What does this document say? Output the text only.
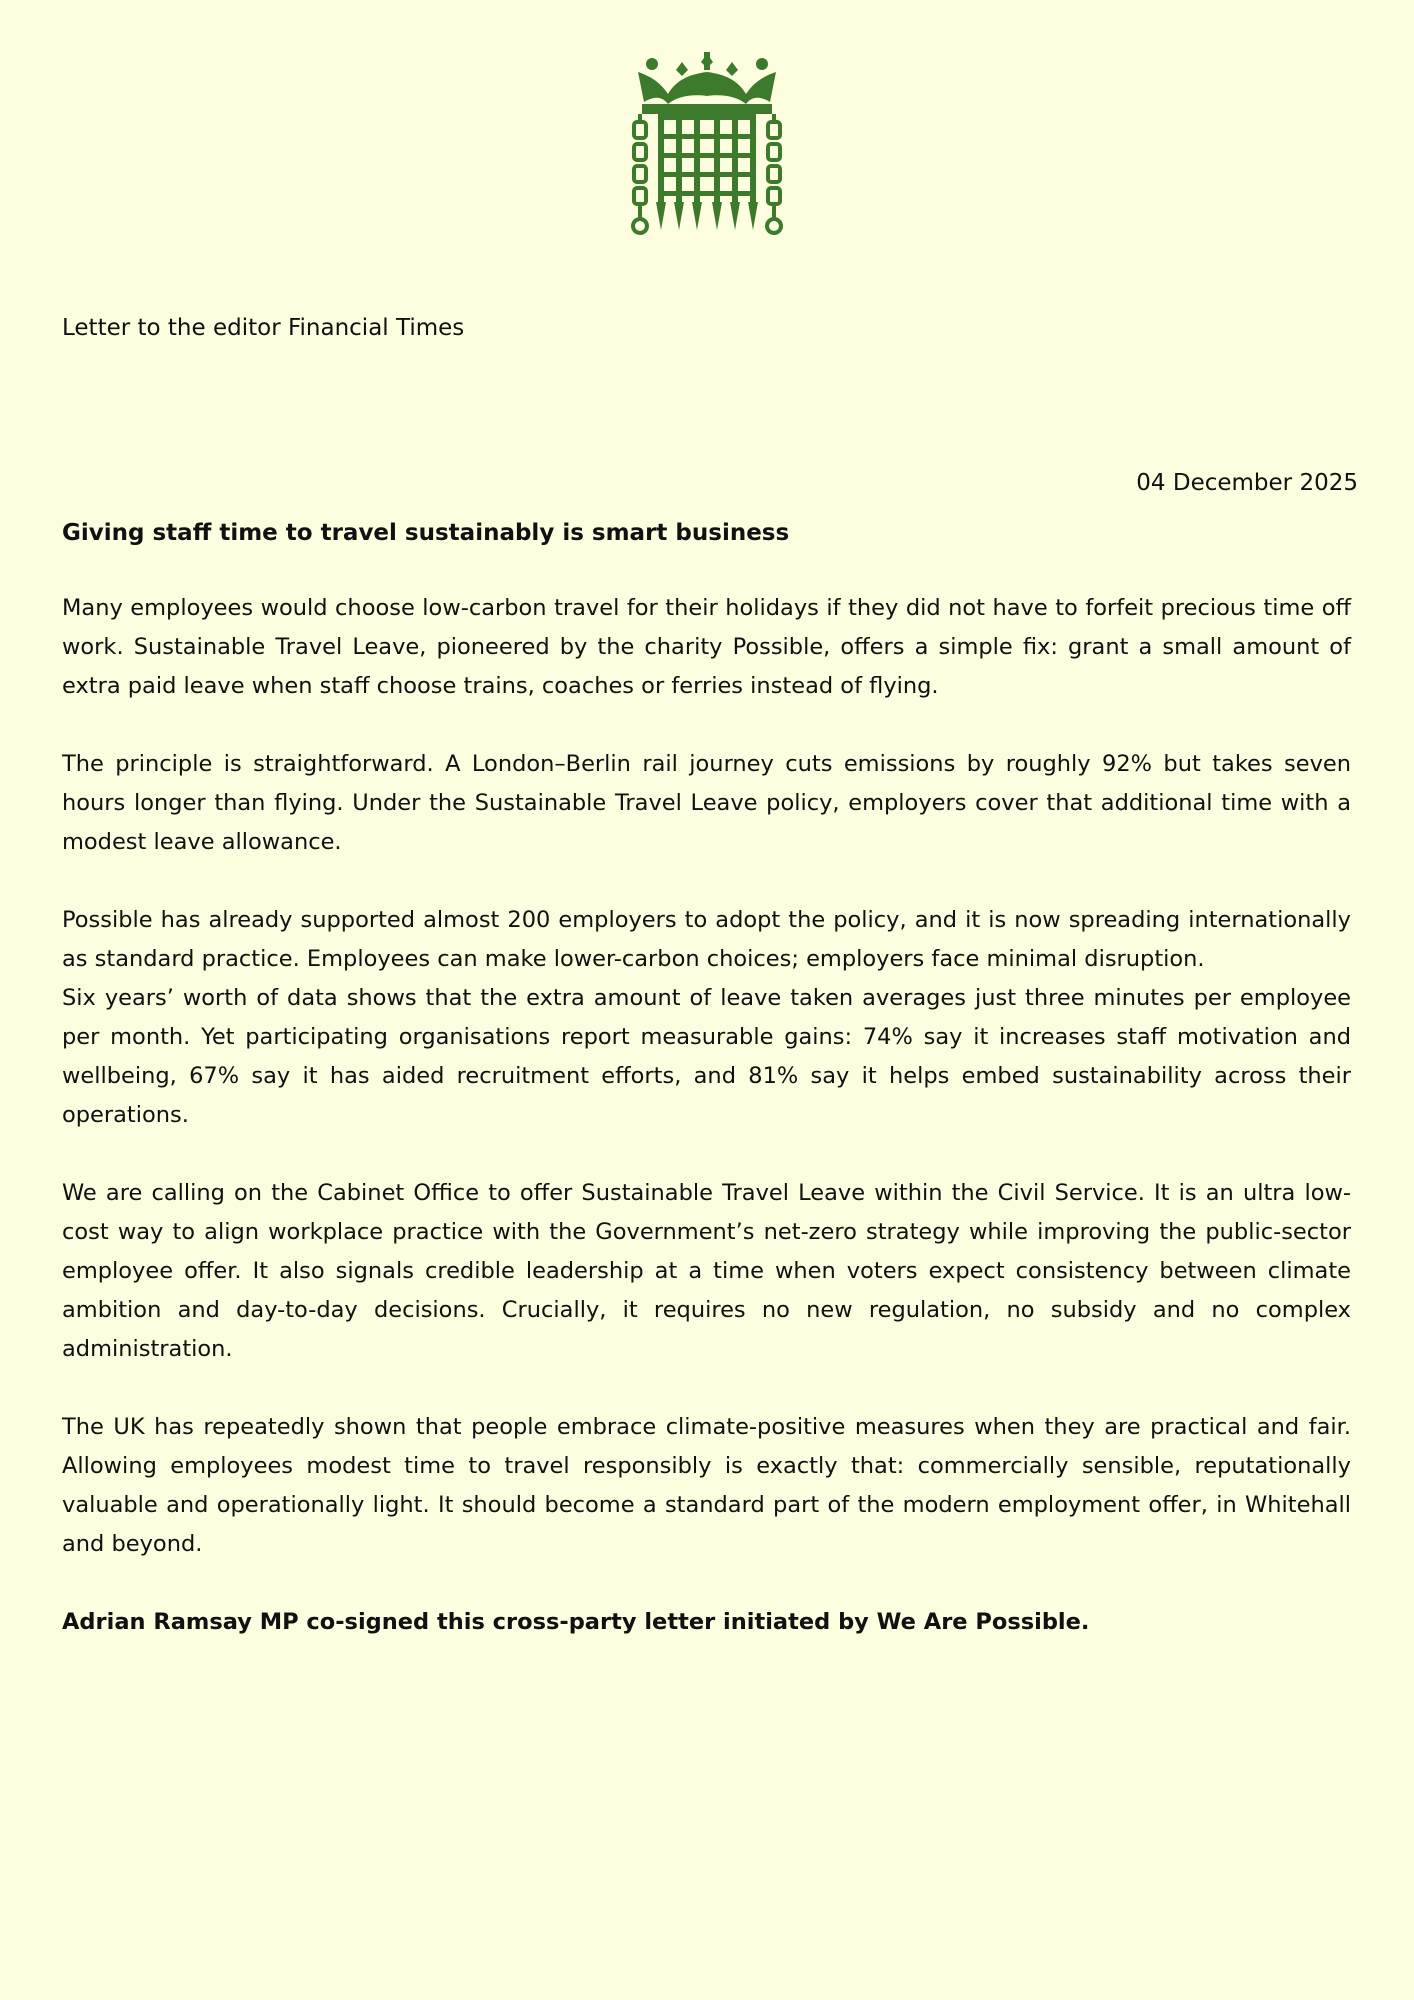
Letter to the editor Financial Times

04 December 2025

Giving staff time to travel sustainably is smart business

Many employees would choose low-carbon travel for their holidays if they did not have to forfeit precious time off work. Sustainable Travel Leave, pioneered by the charity Possible, offers a simple fix: grant a small amount of extra paid leave when staff choose trains, coaches or ferries instead of flying.

The principle is straightforward. A London–Berlin rail journey cuts emissions by roughly 92% but takes seven hours longer than flying. Under the Sustainable Travel Leave policy, employers cover that additional time with a modest leave allowance.

Possible has already supported almost 200 employers to adopt the policy, and it is now spreading internationally as standard practice. Employees can make lower-carbon choices; employers face minimal disruption.

Six years’ worth of data shows that the extra amount of leave taken averages just three minutes per employee per month. Yet participating organisations report measurable gains: 74% say it increases staff motivation and wellbeing, 67% say it has aided recruitment efforts, and 81% say it helps embed sustainability across their operations.

We are calling on the Cabinet Office to offer Sustainable Travel Leave within the Civil Service. It is an ultra low-cost way to align workplace practice with the Government’s net-zero strategy while improving the public-sector employee offer. It also signals credible leadership at a time when voters expect consistency between climate ambition and day-to-day decisions. Crucially, it requires no new regulation, no subsidy and no complex administration.

The UK has repeatedly shown that people embrace climate-positive measures when they are practical and fair. Allowing employees modest time to travel responsibly is exactly that: commercially sensible, reputationally valuable and operationally light. It should become a standard part of the modern employment offer, in Whitehall and beyond.

Adrian Ramsay MP co-signed this cross-party letter initiated by We Are Possible.
